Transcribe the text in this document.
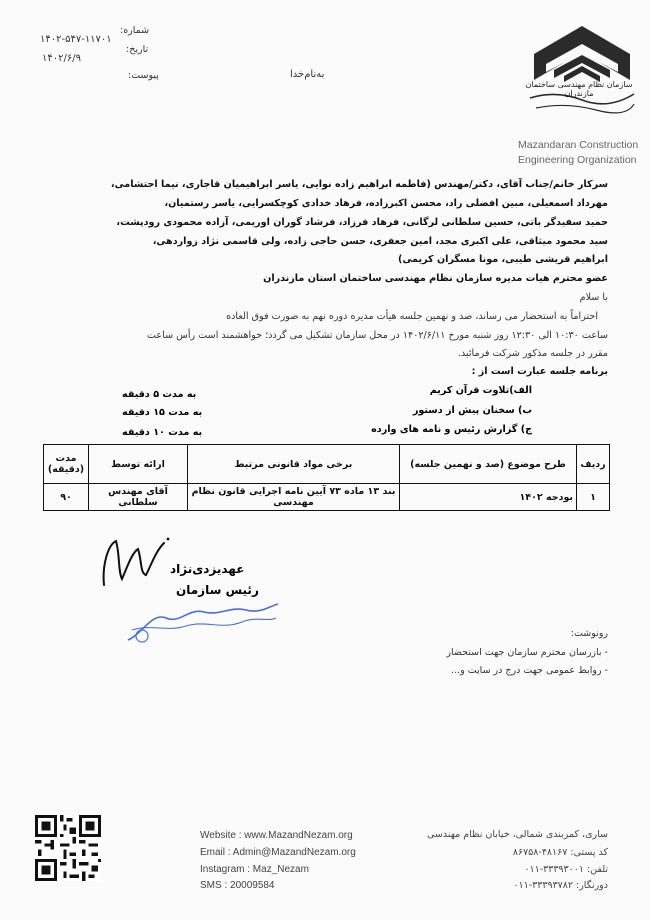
سازمان نظام مهندسی ساختمان مازندران
Mazandaran Construction
Engineering Organization
شماره:
۱۴۰۲-۵۴۷-۱۱۷۰۱
تاریخ:
۱۴۰۲/۶/۹
پیوست:	به‌نام‌خدا
سرکار خانم/جناب آقای، دکتر/مهندس (فاطمه ابراهیم زاده نوایی، یاسر ابراهیمیان قاجاری، نیما احتشامی،
مهرداد اسمعیلی، مبین افضلی راد، محسن اکبرزاده، فرهاد خدادی کوچکسرایی، یاسر رستمیان،
حمید سفیدگر باتی، حسین سلطانی لرگانی، فرهاد فرزاد، فرشاد گوران اوریمی، آزاده محمودی رودپشت،
سید محمود میثاقی، علی اکبری مجد، امین جعفری، حسن حاجی زاده، ولی قاسمی نژاد زواردهی،
ابراهیم قریشی طیبی، مونا مسگران کریمی)
عضو محترم هیات مدیره سازمان نظام مهندسی ساختمان استان مازندران
با سلام
احتراماً به استحضار می رساند، صد و نهمین جلسه هیأت مدیره دوره نهم به صورت فوق العاده
ساعت ۱۰:۳۰ الی ۱۲:۳۰ روز شنبه مورخ ۱۴۰۲/۶/۱۱ در محل سازمان تشکیل می گردد؛ خواهشمند است رأس ساعت
مقرر در جلسه مذکور شرکت فرمائید.
برنامه جلسه عبارت است از :
الف)تلاوت قرآن کریم
به مدت ۵ دقیقه
ب) سخنان پیش از دستور
به مدت ۱۵ دقیقه
ج) گزارش رئیس و نامه های وارده
به مدت ۱۰ دقیقه
ردیف	طرح موضوع (صد و نهمین جلسه)	برخی مواد قانونی مرتبط	ارائه توسط	مدت
(دقیقه)

۱	بودجه ۱۴۰۲	بند ۱۳ ماده ۷۳ آیین نامه اجرایی قانون نظام مهندسی	آقای مهندس سلطانی	۹۰
عهدیزدی‌نژاد
رئیس سازمان
رونوشت:
- بازرسان محترم سازمان جهت استحضار
- روابط عمومی جهت درج در سایت و...
Website : www.MazandNezam.org
Email : Admin@MazandNezam.org
Instagram : Maz_Nezam
SMS : 20009584
ساری، کمربندی شمالی، خیابان نظام مهندسی
کد پستی: ۴۸۱۶۷-۸۶۷۵۸
تلفن: ۳۳۳۹۳۰۰۱-۰۱۱
دورنگار: ۳۳۳۹۳۷۸۲-۰۱۱
